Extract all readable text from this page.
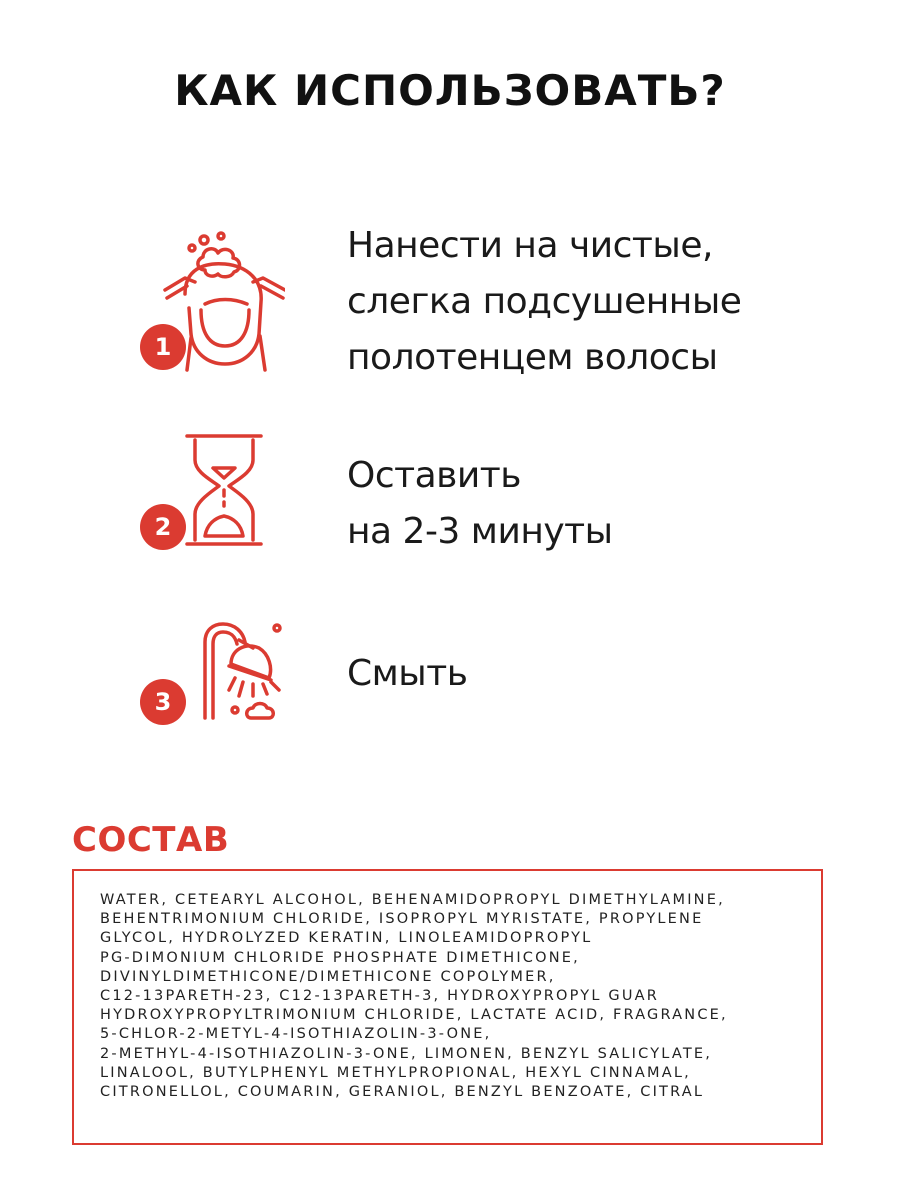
КАК ИСПОЛЬЗОВАТЬ?
1
Нанести на чистые,
слегка подсушенные
полотенцем волосы
2
Оставить
на 2-3 минуты
3
Смыть
СОСТАВ
WATER, CETEARYL ALCOHOL, BEHENAMIDOPROPYL DIMETHYLAMINE,
BEHENTRIMONIUM CHLORIDE, ISOPROPYL MYRISTATE, PROPYLENE
GLYCOL, HYDROLYZED KERATIN, LINOLEAMIDOPROPYL
PG-DIMONIUM CHLORIDE PHOSPHATE DIMETHICONE,
DIVINYLDIMETHICONE/DIMETHICONE COPOLYMER,
C12-13PARETH-23, C12-13PARETH-3, HYDROXYPROPYL GUAR
HYDROXYPROPYLTRIMONIUM CHLORIDE, LACTATE ACID, FRAGRANCE,
5-CHLOR-2-METYL-4-ISOTHIAZOLIN-3-ONE,
2-METHYL-4-ISOTHIAZOLIN-3-ONE, LIMONEN, BENZYL SALICYLATE,
LINALOOL, BUTYLPHENYL METHYLPROPIONAL, HEXYL CINNAMAL,
CITRONELLOL, COUMARIN, GERANIOL, BENZYL BENZOATE, CITRAL
